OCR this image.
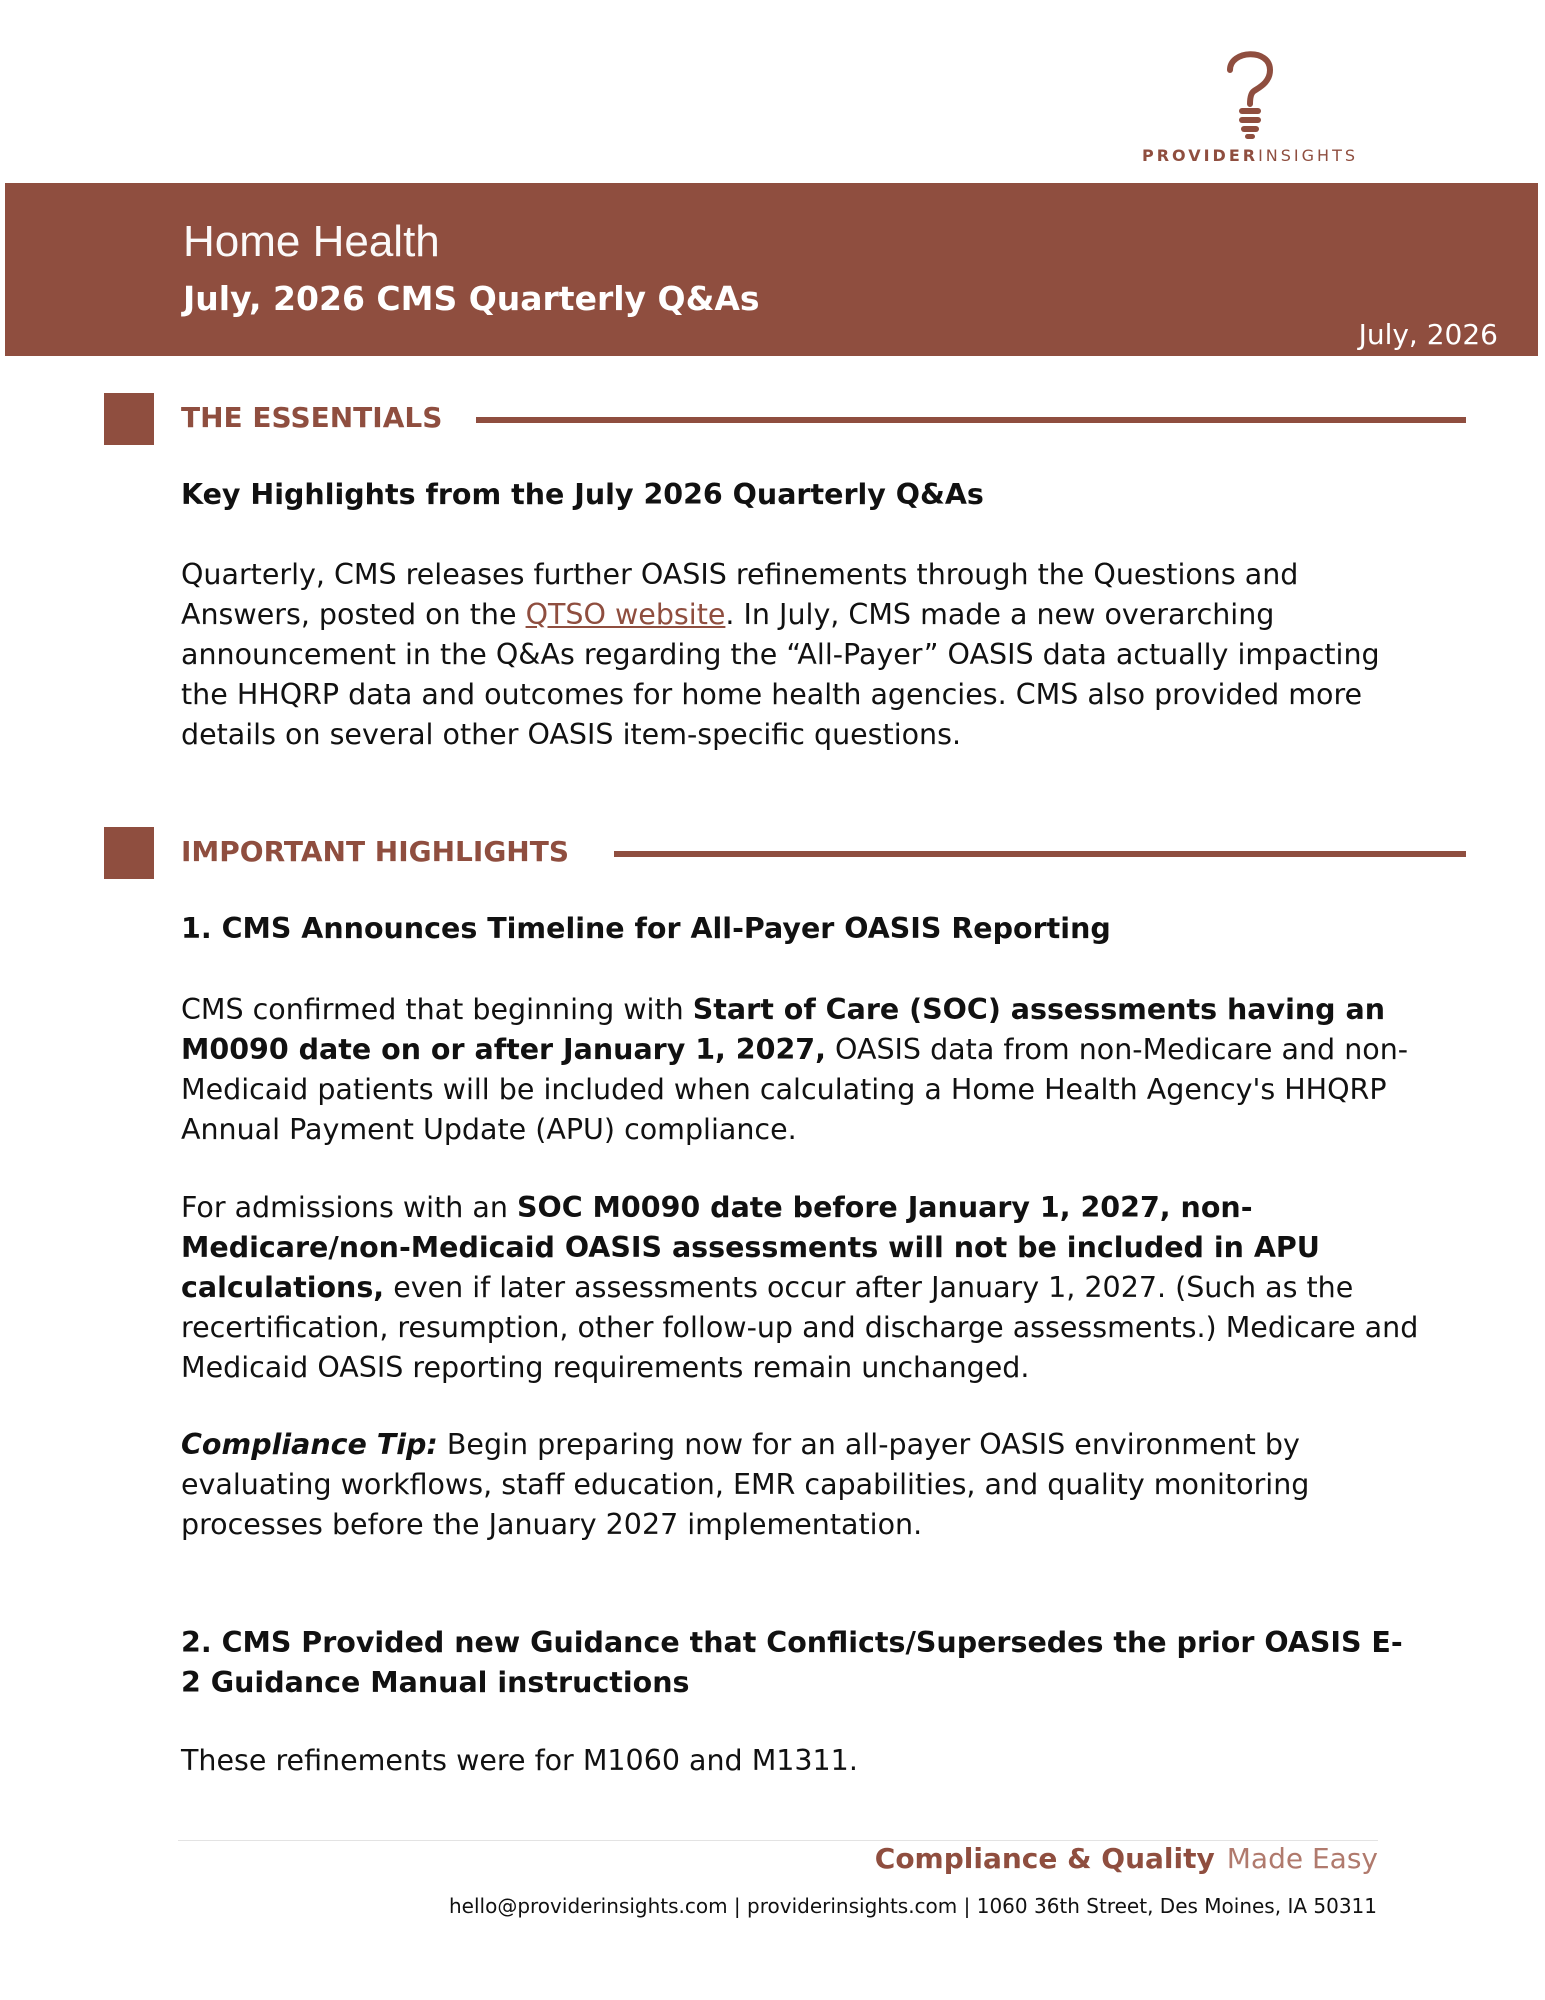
PROVIDERINSIGHTS
Home Health
July, 2026 CMS Quarterly Q&As
July, 2026
THE ESSENTIALS
Key Highlights from the July 2026 Quarterly Q&As
Quarterly, CMS releases further OASIS refinements through the Questions and Answers, posted on the QTSO website. In July, CMS made a new overarching announcement in the Q&As regarding the “All-Payer” OASIS data actually impacting the HHQRP data and outcomes for home health agencies. CMS also provided more details on several other OASIS item-specific questions.
IMPORTANT HIGHLIGHTS
1. CMS Announces Timeline for All-Payer OASIS Reporting
CMS confirmed that beginning with Start of Care (SOC) assessments having an M0090 date on or after January 1, 2027, OASIS data from non-Medicare and non-Medicaid patients will be included when calculating a Home Health Agency's HHQRP Annual Payment Update (APU) compliance.
For admissions with an SOC M0090 date before January 1, 2027, non-Medicare/non-Medicaid OASIS assessments will not be included in APU calculations, even if later assessments occur after January 1, 2027. (Such as the recertification, resumption, other follow-up and discharge assessments.) Medicare and Medicaid OASIS reporting requirements remain unchanged.
Compliance Tip: Begin preparing now for an all-payer OASIS environment by evaluating workflows, staff education, EMR capabilities, and quality monitoring processes before the January 2027 implementation.
2. CMS Provided new Guidance that Conflicts/Supersedes the prior OASIS E-2 Guidance Manual instructions
These refinements were for M1060 and M1311.
Compliance & Quality Made Easy
hello@providerinsights.com | providerinsights.com | 1060 36th Street, Des Moines, IA 50311
